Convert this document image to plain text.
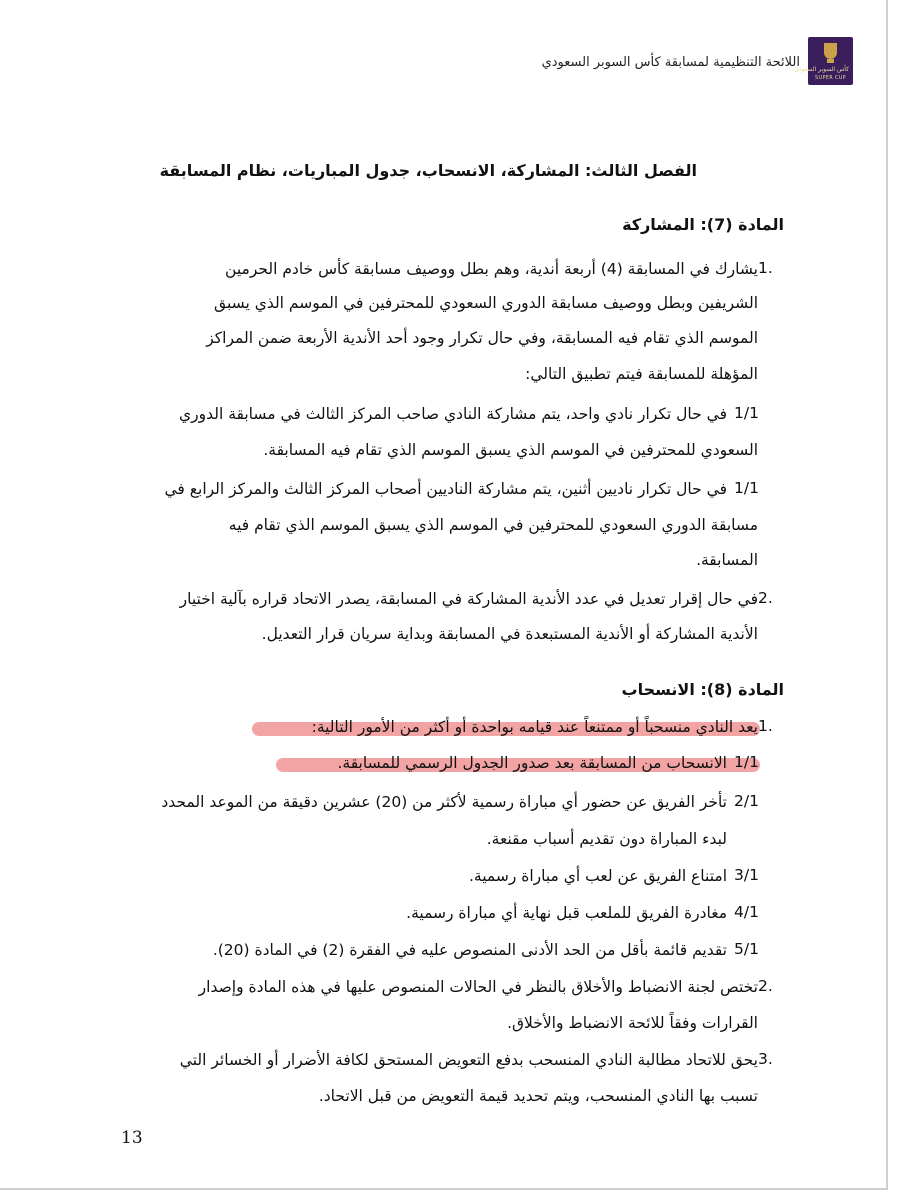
كأس السوبر السعودي
SUPER CUP
اللائحة التنظيمية لمسابقة كأس السوبر السعودي
الفصل الثالث: المشاركة، الانسحاب، جدول المباريات، نظام المسابقة
المادة (7): المشاركة
1.
يشارك في المسابقة (4) أربعة أندية، وهم بطل ووصيف مسابقة كأس خادم الحرمين
الشريفين وبطل ووصيف مسابقة الدوري السعودي للمحترفين في الموسم الذي يسبق
الموسم الذي تقام فيه المسابقة، وفي حال تكرار وجود أحد الأندية الأربعة ضمن المراكز
المؤهلة للمسابقة فيتم تطبيق التالي:
1/1
في حال تكرار نادي واحد، يتم مشاركة النادي صاحب المركز الثالث في مسابقة الدوري
السعودي للمحترفين في الموسم الذي يسبق الموسم الذي تقام فيه المسابقة.
1/1
في حال تكرار ناديين أثنين، يتم مشاركة الناديين أصحاب المركز الثالث والمركز الرابع في
مسابقة الدوري السعودي للمحترفين في الموسم الذي يسبق الموسم الذي تقام فيه
المسابقة.
2.
في حال إقرار تعديل في عدد الأندية المشاركة في المسابقة، يصدر الاتحاد قراره بآلية اختيار
الأندية المشاركة أو الأندية المستبعدة في المسابقة وبداية سريان قرار التعديل.
المادة (8): الانسحاب
1.
يعد النادي منسحباً أو ممتنعاً عند قيامه بواحدة أو أكثر من الأمور التالية:
1/1
الانسحاب من المسابقة بعد صدور الجدول الرسمي للمسابقة.
2/1
تأخر الفريق عن حضور أي مباراة رسمية لأكثر من (20) عشرين دقيقة من الموعد المحدد
لبدء المباراة دون تقديم أسباب مقنعة.
3/1
امتناع الفريق عن لعب أي مباراة رسمية.
4/1
مغادرة الفريق للملعب قبل نهاية أي مباراة رسمية.
5/1
تقديم قائمة بأقل من الحد الأدنى المنصوص عليه في الفقرة (2) في المادة (20).
2.
تختص لجنة الانضباط والأخلاق بالنظر في الحالات المنصوص عليها في هذه المادة وإصدار
القرارات وفقاً للائحة الانضباط والأخلاق.
3.
يحق للاتحاد مطالبة النادي المنسحب بدفع التعويض المستحق لكافة الأضرار أو الخسائر التي
تسبب بها النادي المنسحب، ويتم تحديد قيمة التعويض من قبل الاتحاد.
13
